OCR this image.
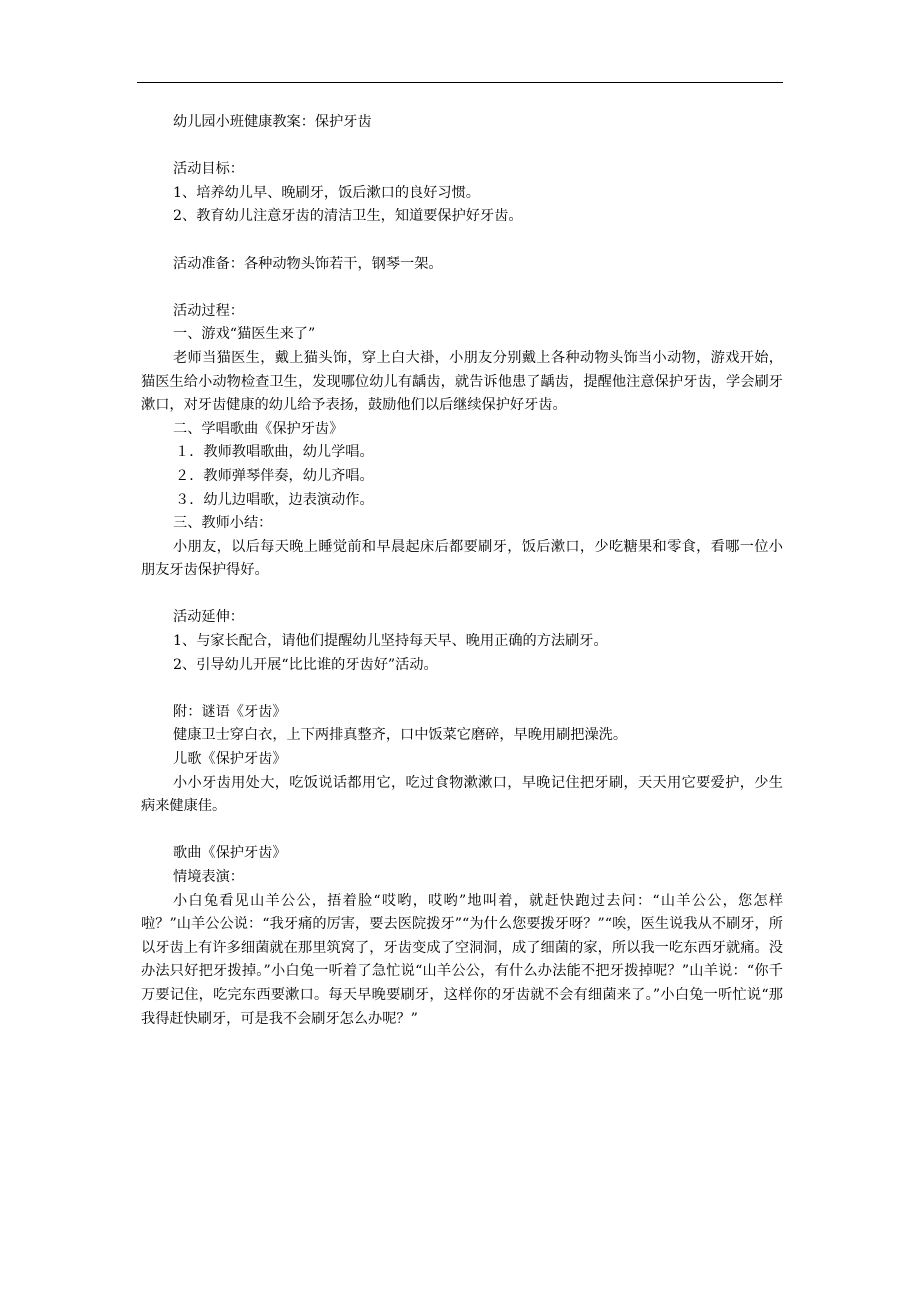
幼儿园小班健康教案：保护牙齿
活动目标：
1、培养幼儿早、晚刷牙，饭后漱口的良好习惯。
2、教育幼儿注意牙齿的清洁卫生，知道要保护好牙齿。
活动准备：各种动物头饰若干，钢琴一架。
活动过程：
一、游戏“猫医生来了”

老师当猫医生，戴上猫头饰，穿上白大褂，小朋友分别戴上各种动物头饰当小动物，游戏开始，猫医生给小动物检查卫生，发现哪位幼儿有龋齿，就告诉他患了龋齿，提醒他注意保护牙齿，学会刷牙漱口，对牙齿健康的幼儿给予表扬，鼓励他们以后继续保护好牙齿。

二、学唱歌曲《保护牙齿》
１．教师教唱歌曲，幼儿学唱。
２．教师弹琴伴奏，幼儿齐唱。
３．幼儿边唱歌，边表演动作。
三、教师小结：

小朋友，以后每天晚上睡觉前和早晨起床后都要刷牙，饭后漱口，少吃糖果和零食，看哪一位小朋友牙齿保护得好。

活动延伸：
1、与家长配合，请他们提醒幼儿坚持每天早、晚用正确的方法刷牙。
2、引导幼儿开展“比比谁的牙齿好”活动。
附：谜语《牙齿》
健康卫士穿白衣，上下两排真整齐，口中饭菜它磨碎，早晚用刷把澡洗。
儿歌《保护牙齿》

小小牙齿用处大，吃饭说话都用它，吃过食物漱漱口，早晚记住把牙刷，天天用它要爱护，少生病来健康佳。

歌曲《保护牙齿》
情境表演：

小白兔看见山羊公公，捂着脸“哎哟，哎哟”地叫着，就赶快跑过去问：“山羊公公，您怎样啦？”山羊公公说：“我牙痛的厉害，要去医院拨牙”“为什么您要拨牙呀？”“唉，医生说我从不刷牙，所以牙齿上有许多细菌就在那里筑窝了，牙齿变成了空洞洞，成了细菌的家，所以我一吃东西牙就痛。没办法只好把牙拨掉。”小白兔一听着了急忙说“山羊公公，有什么办法能不把牙拨掉呢？”山羊说：“你千万要记住，吃完东西要漱口。每天早晚要刷牙，这样你的牙齿就不会有细菌来了。”小白兔一听忙说“那我得赶快刷牙，可是我不会刷牙怎么办呢？”
